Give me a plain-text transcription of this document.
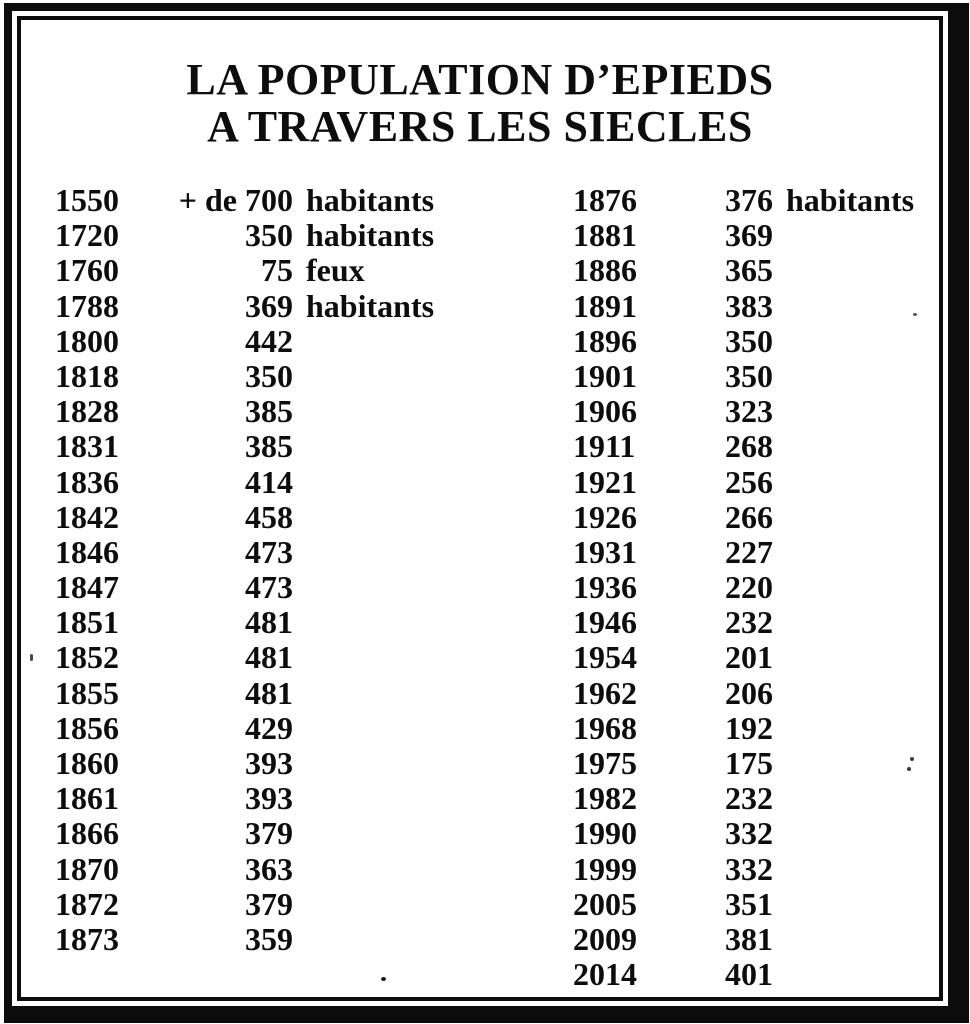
LA POPULATION D’EPIEDS
A TRAVERS LES SIECLES
1550	+ de 700 habitants
1720	350 habitants
1760	75 feux
1788	369 habitants
1800	442
1818	350
1828	385
1831	385
1836	414
1842	458
1846	473
1847	473
1851	481
1852	481
1855	481
1856	429
1860	393
1861	393
1866	379
1870	363
1872	379
1873	359
1876	376 habitants
1881	369
1886	365
1891	383
1896	350
1901	350
1906	323
1911	268
1921	256
1926	266
1931	227
1936	220
1946	232
1954	201
1962	206
1968	192
1975	175
1982	232
1990	332
1999	332
2005	351
2009	381
2014	401
